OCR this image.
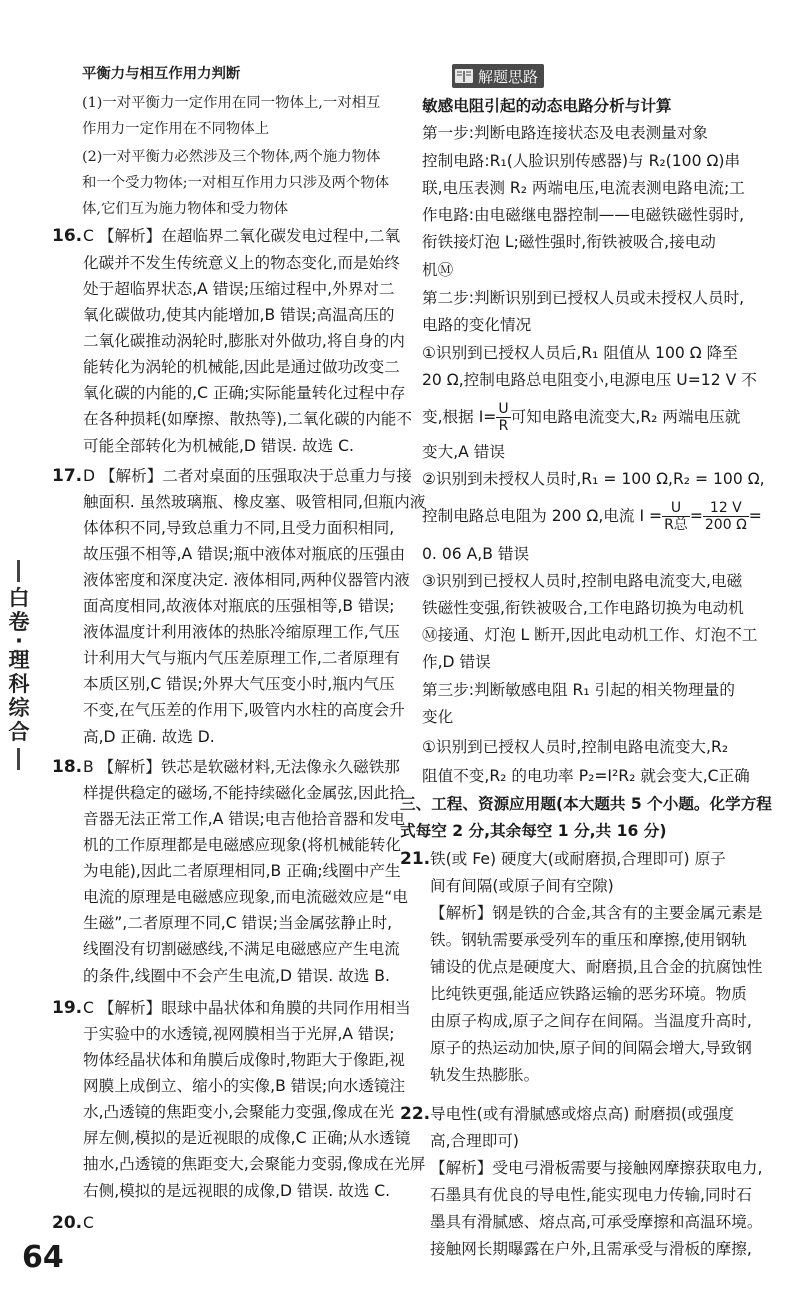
平衡力与相互作用力判断
(1)一对平衡力一定作用在同一物体上,一对相互
作用力一定作用在不同物体上
(2)一对平衡力必然涉及三个物体,两个施力物体
和一个受力物体;一对相互作用力只涉及两个物体
体,它们互为施力物体和受力物体
16. C 【解析】在超临界二氧化碳发电过程中,二氧
化碳并不发生传统意义上的物态变化,而是始终
处于超临界状态,A 错误;压缩过程中,外界对二
氧化碳做功,使其内能增加,B 错误;高温高压的
二氧化碳推动涡轮时,膨胀对外做功,将自身的内
能转化为涡轮的机械能,因此是通过做功改变二
氧化碳的内能的,C 正确;实际能量转化过程中存
在各种损耗(如摩擦、散热等),二氧化碳的内能不
可能全部转化为机械能,D 错误. 故选 C.
17. D 【解析】二者对桌面的压强取决于总重力与接
触面积. 虽然玻璃瓶、橡皮塞、吸管相同,但瓶内液
体体积不同,导致总重力不同,且受力面积相同,
故压强不相等,A 错误;瓶中液体对瓶底的压强由
液体密度和深度决定. 液体相同,两种仪器管内液
面高度相同,故液体对瓶底的压强相等,B 错误;
液体温度计利用液体的热胀冷缩原理工作,气压
计利用大气与瓶内气压差原理工作,二者原理有
本质区别,C 错误;外界大气压变小时,瓶内气压
不变,在气压差的作用下,吸管内水柱的高度会升
高,D 正确. 故选 D.
18. B 【解析】铁芯是软磁材料,无法像永久磁铁那
样提供稳定的磁场,不能持续磁化金属弦,因此拾
音器无法正常工作,A 错误;电吉他拾音器和发电
机的工作原理都是电磁感应现象(将机械能转化
为电能),因此二者原理相同,B 正确;线圈中产生
电流的原理是电磁感应现象,而电流磁效应是“电
生磁”,二者原理不同,C 错误;当金属弦静止时,
线圈没有切割磁感线,不满足电磁感应产生电流
的条件,线圈中不会产生电流,D 错误. 故选 B.
19. C 【解析】眼球中晶状体和角膜的共同作用相当
于实验中的水透镜,视网膜相当于光屏,A 错误;
物体经晶状体和角膜后成像时,物距大于像距,视
网膜上成倒立、缩小的实像,B 错误;向水透镜注
水,凸透镜的焦距变小,会聚能力变强,像成在光
屏左侧,模拟的是近视眼的成像,C 正确;从水透镜
抽水,凸透镜的焦距变大,会聚能力变弱,像成在光屏
右侧,模拟的是远视眼的成像,D 错误. 故选 C.
20. C
白
卷
·
理
科
综
合
64
解题思路
敏感电阻引起的动态电路分析与计算
第一步:判断电路连接状态及电表测量对象
控制电路:R₁(人脸识别传感器)与 R₂(100 Ω)串
联,电压表测 R₂ 两端电压,电流表测电路电流;工
作电路:由电磁继电器控制——电磁铁磁性弱时,
衔铁接灯泡 L;磁性强时,衔铁被吸合,接电动
机Ⓜ
第二步:判断识别到已授权人员或未授权人员时,
电路的变化情况
①识别到已授权人员后,R₁ 阻值从 100 Ω 降至
20 Ω,控制电路总电阻变小,电源电压 U=12 V 不
变,根据 $I= \frac{U}{R}$ 可知电路电流变大,R₂ 两端电压就
变大,A 错误
②识别到未授权人员时,R₁ = 100 Ω,R₂ = 100 Ω,
控制电路总电阻为 200 Ω,电流 $I = \frac{U}{\text{R总}} = \frac{12 V}{200 \Omega}$ =
0. 06 A,B 错误
③识别到已授权人员时,控制电路电流变大,电磁
铁磁性变强,衔铁被吸合,工作电路切换为电动机
Ⓜ接通、灯泡 L 断开,因此电动机工作、灯泡不工
作,D 错误
第三步:判断敏感电阻 R₁ 引起的相关物理量的
变化
①识别到已授权人员时,控制电路电流变大,R₂
阻值不变,R₂ 的电功率 P₂=I²R₂ 就会变大,C正确
三、工程、资源应用题(本大题共 5 个小题。化学方程
式每空 2 分,其余每空 1 分,共 16 分)
21. 铁(或 Fe) 硬度大(或耐磨损,合理即可) 原子
间有间隔(或原子间有空隙)
【解析】钢是铁的合金,其含有的主要金属元素是
铁。钢轨需要承受列车的重压和摩擦,使用钢轨
铺设的优点是硬度大、耐磨损,且合金的抗腐蚀性
比纯铁更强,能适应铁路运输的恶劣环境。物质
由原子构成,原子之间存在间隔。当温度升高时,
原子的热运动加快,原子间的间隔会增大,导致钢
轨发生热膨胀。
22. 导电性(或有滑腻感或熔点高) 耐磨损(或强度
高,合理即可)
【解析】受电弓滑板需要与接触网摩擦获取电力,
石墨具有优良的导电性,能实现电力传输,同时石
墨具有滑腻感、熔点高,可承受摩擦和高温环境。
接触网长期曝露在户外,且需承受与滑板的摩擦,
